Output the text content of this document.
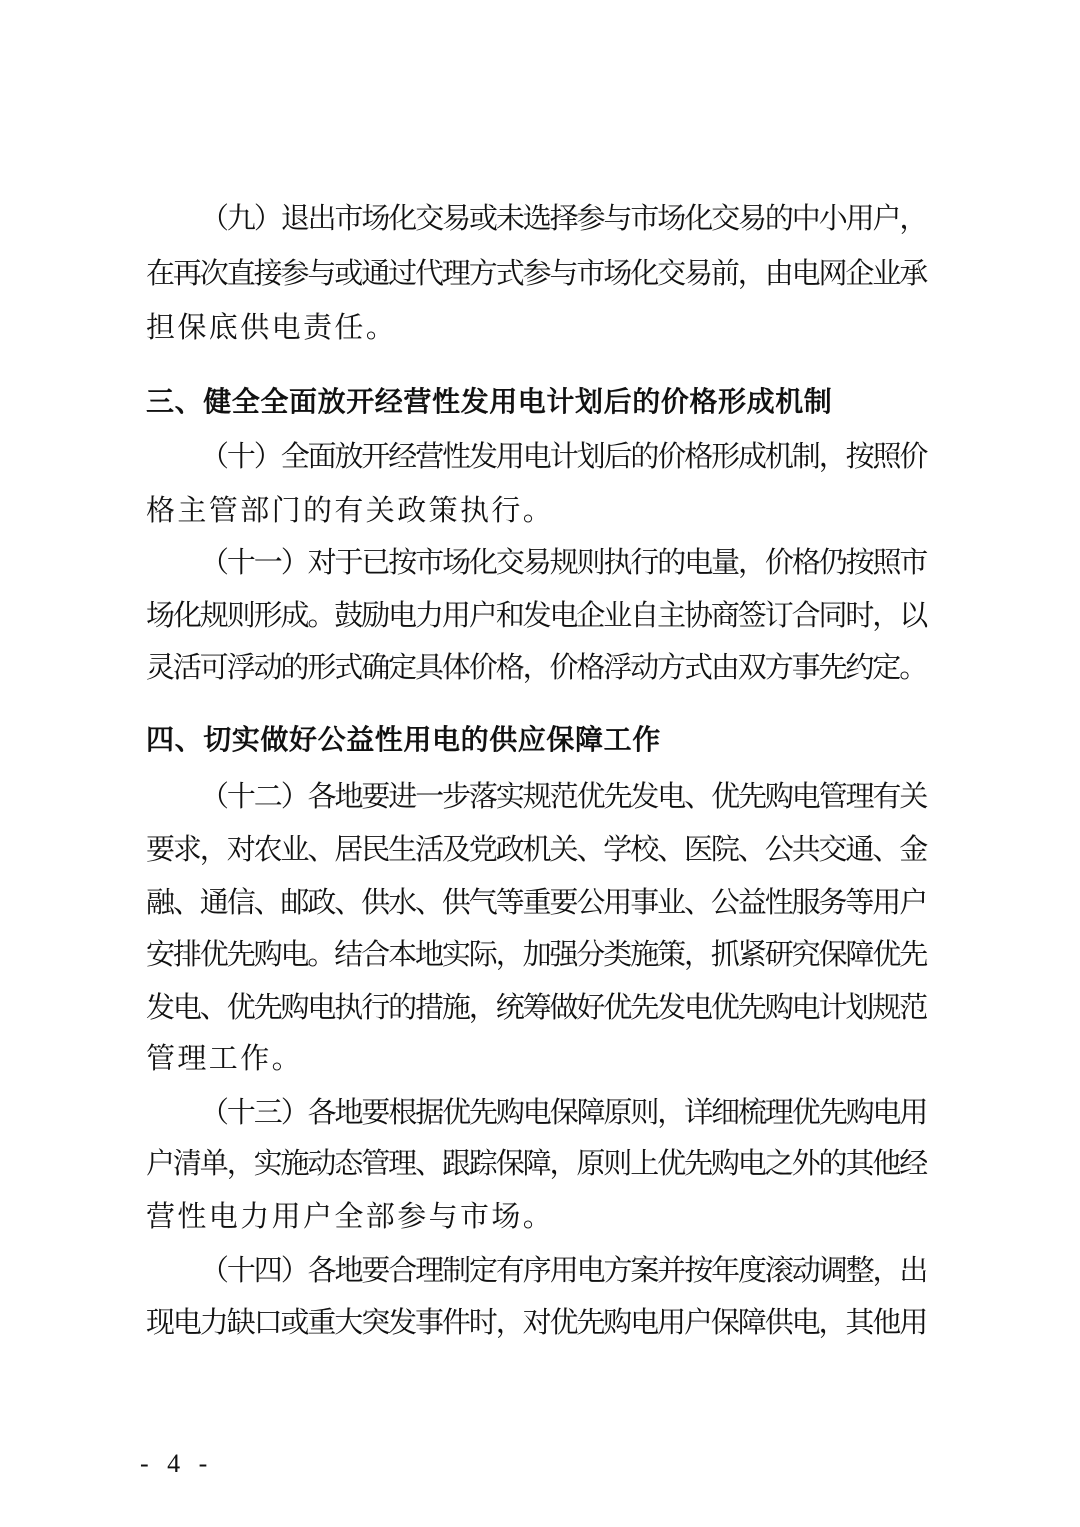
（九）退出市场化交易或未选择参与市场化交易的中小用户，
在再次直接参与或通过代理方式参与市场化交易前，由电网企业承
担保底供电责任。
三、健全全面放开经营性发用电计划后的价格形成机制
（十）全面放开经营性发用电计划后的价格形成机制，按照价
格主管部门的有关政策执行。
（十一）对于已按市场化交易规则执行的电量，价格仍按照市
场化规则形成。鼓励电力用户和发电企业自主协商签订合同时，以
灵活可浮动的形式确定具体价格，价格浮动方式由双方事先约定。
四、切实做好公益性用电的供应保障工作
（十二）各地要进一步落实规范优先发电、优先购电管理有关
要求，对农业、居民生活及党政机关、学校、医院、公共交通、金
融、通信、邮政、供水、供气等重要公用事业、公益性服务等用户
安排优先购电。结合本地实际，加强分类施策，抓紧研究保障优先
发电、优先购电执行的措施，统筹做好优先发电优先购电计划规范
管理工作。
（十三）各地要根据优先购电保障原则，详细梳理优先购电用
户清单，实施动态管理、跟踪保障，原则上优先购电之外的其他经
营性电力用户全部参与市场。
（十四）各地要合理制定有序用电方案并按年度滚动调整，出
现电力缺口或重大突发事件时，对优先购电用户保障供电，其他用
- 4 -
